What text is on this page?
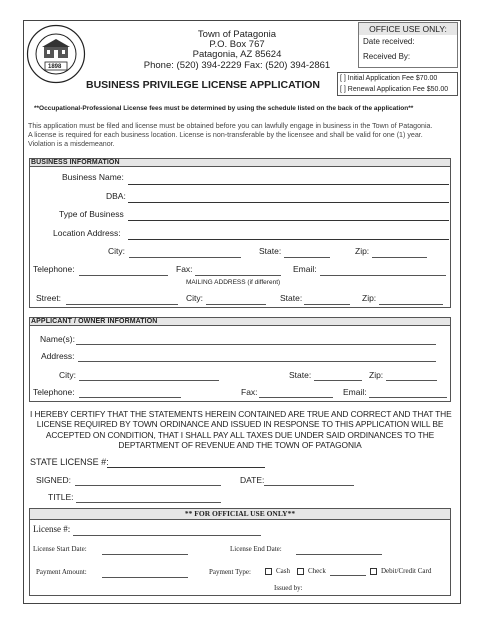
1898
Town of Patagonia
P.O. Box 767
Patagonia, AZ 85624
Phone: (520) 394-2229 Fax: (520) 394-2861
BUSINESS PRIVILEGE LICENSE APPLICATION
OFFICE USE ONLY:
Date received:
Received By:
[ ] Initial Application Fee $70.00
[ ] Renewal Application Fee $50.00
**Occupational-Professional License fees must be determined by using the schedule listed on the back of the application**
This application must be filed and license must be obtained before you can lawfully engage in business in the Town of Patagonia.
A license is required for each business location. License is non-transferable by the licensee and shall be valid for one (1) year.
Violation is a misdemeanor.
BUSINESS INFORMATION
Business Name:
DBA:
Type of Business
Location Address:
City:	State:	Zip:
Telephone:	Fax:	Email:
MAILING ADDRESS (if different)
Street:	City:	State:	Zip:
APPLICANT / OWNER INFORMATION
Name(s):
Address:
City:	State:	Zip:
Telephone:	Fax:	Email:
I HEREBY CERTIFY THAT THE STATEMENTS HEREIN CONTAINED ARE TRUE AND CORRECT AND THAT THE
LICENSE REQUIRED BY TOWN ORDINANCE AND ISSUED IN RESPONSE TO THIS APPLICATION WILL BE
ACCEPTED ON CONDITION, THAT I SHALL PAY ALL TAXES DUE UNDER SAID ORDINANCES TO THE
DEPTARTMENT OF REVENUE AND THE TOWN OF PATAGONIA
STATE LICENSE #:
SIGNED:	DATE:
TITLE:
** FOR OFFICIAL USE ONLY**
License #:
License Start Date:	License End Date:
Payment Amount:	Payment Type:	Cash	Check	Debit/Credit Card
Issued by:
